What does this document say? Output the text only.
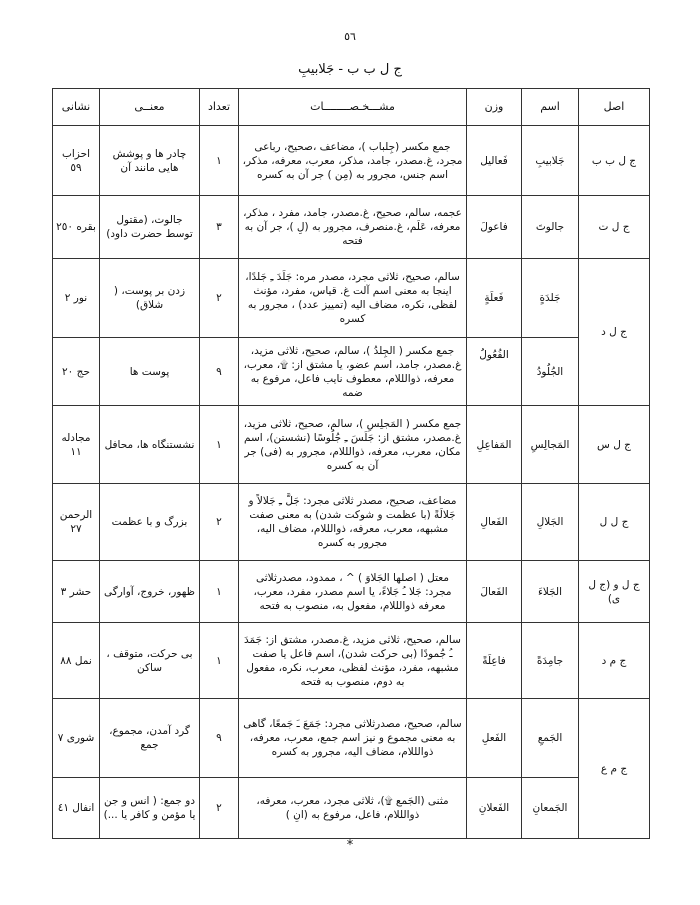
٥٦
ج ل ب ب - جَلابيبِ
اصل	اسم	وزن	مشـــخـصــــــــات	تعداد	معنــی	نشانی
ج ل ب ب	جَلابيبِ	فَعاليل	جمع مكسر (جِلباب )، مضاعف ،صحيح، رباعى مجرد، غ.مصدر، جامد، مذكر، معرب، معرفه، مذكر، اسم جنس، مجرور به (مِن ) جر آن به كسره	١	چادر ها و پوشش هايى مانند آن	احزاب ٥٩
ج ل ت	جالوتَ	فاعولَ	عجمه، سالم، صحيح، غ.مصدر، جامد، مفرد ، مذكر، معرفه، عَلَم، غ.منصرف، مجرور به (لِ )، جر آن به فتحه	٣	جالوت، (مقتول توسط حضرت داود)	بقره ٢٥٠
ج ل د	جَلدَةٍ	فَعلَةٍ	سالم، صحيح، ثلاثى مجرد، مصدر مره: جَلَدَ ـِ جَلدًا، اينجا به معنى اسم آلت غ. قياس، مفرد، مؤنث لفظى، نكره، مضاف اليه (تمييز عدد) ، مجرور به كسره	٢	زدن بر پوست، ( شلاق)	نور ٢
	الجُلُودُ	الفُعُولُ	جمع مكسر ( الجِلدُ )، سالم، صحيح، ثلاثى مزيد، غ.مصدر، جامد، اسم عضو، يا مشتق از: ۩، معرب، معرفه، ذوالللام، معطوف نايب فاعل، مرفوع به ضمه	٩	پوست ها	حج ٢٠
ج ل س	المَجالِسِ	المَفاعِلِ	جمع مكسر ( المَجلِسِ )، سالم، صحيح، ثلاثى مزيد، غ.مصدر، مشتق از: جَلَسَ ـِ جُلُوسًا (نشستن)، اسم مكان، معرب، معرفه، ذوالللام، مجرور به (فى) جر آن به كسره	١	نشستنگاه ها، محافل	مجادله ١١
ج ل ل	الجَلالِ	الفَعالِ	مضاعف، صحيح، مصدر ثلاثى مجرد: جَلَّ ـِ جَلالاً و جَلالَةً (با عظمت و شوكت شدن) به معنى صفت مشبهه، معرب، معرفه، ذوالللام، مضاف اليه، مجرور به كسره	٢	بزرگ و با عظمت	الرحمن ٢٧
ج ل و (ج ل ى)	الجَلاءَ	الفَعالَ	معتل ( اصلها الجَلاوَ ) ^ ، ممدود، مصدرثلاثى مجرد: جَلا ـُ جَلاءً، يا اسم مصدر، مفرد، معرب، معرفه ذوالللام، مفعول به، منصوب به فتحه	١	ظهور، خروج، آوارگى	حشر ٣
ج م د	جامِدَةً	فاعِلَةً	سالم، صحيح، ثلاثى مزيد، غ.مصدر، مشتق از: جَمَدَ ـُ جُمودًا (بى حركت شدن)، اسم فاعل يا صفت مشبهه، مفرد، مؤنث لفظى، معرب، نكره، مفعول به دوم، منصوب به فتحه	١	بى حركت، متوقف ، ساكن	نمل ٨٨
ج م ع	الجَمعِ	الفَعلِ	سالم، صحيح، مصدرثلاثى مجرد: جَمَعَ ـَ جَمعًا، گاهى به معنى مجموع و نيز اسم جمع، معرب، معرفه، ذوالللام، مضاف اليه، مجرور به كسره	٩	گرد آمدن، مجموع، جمع	شورى ٧
	الجَمعانِ	الفَعلانِ	مثنى (الجَمع ۩)، ثلاثى مجرد، معرب، معرفه، ذوالللام، فاعل، مرفوع به (انِ )	٢	دو جمع: ( انس و جن يا مؤمن و كافر يا ...)	انفال ٤١
*
